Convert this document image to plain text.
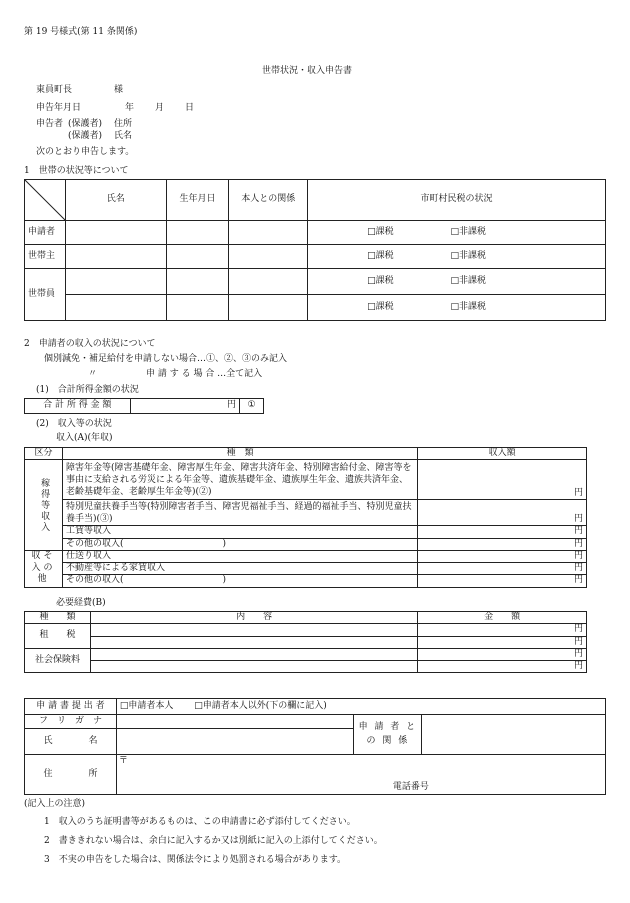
第 19 号様式(第 11 条関係)
世帯状況・収入申告書
東員町長	様
申告年月日	年 月 日
申告者 (保護者) 住所
(保護者) 氏名
次のとおり申告します。
1　世帯の状況等について
	氏名	生年月日	本人との関係	市町村民税の状況
申請者				□課税 □非課税
世帯主				□課税 □非課税
世帯員				□課税 □非課税
				□課税 □非課税
2　申請者の収入の状況について
個別減免・補足給付を申請しない場合…①、②、③のみ記入
〃	申 請 す る 場 合 …全て記入
(1)　合計所得金額の状況
合 計 所 得 金 額	円	①
(2)　収入等の状況
収入(A)(年収)
区分	種　類	収入額

稼得等収入	障害年金等(障害基礎年金、障害厚生年金、障害共済年金、特別障害給付金、障害等を事由に支給される労災による年金等、遺族基礎年金、遺族厚生年金、遺族共済年金、老齢基礎年金、老齢厚生年金等)(②)	円
	特別児童扶養手当等(特別障害者手当、障害児福祉手当、経過的福祉手当、特別児童扶養手当)(③)	円
	工賃等収入	円
	その他の収入(　　　　　　　　　　　)	円

収そ入の他	仕送り収入	円
	不動産等による家賃収入	円
	その他の収入(　　　　　　　　　　　)	円
必要経費(B)
種　　類	内　　容	金　　額
租　　税		円
		円
社会保険料		円
		円
申 請 書 提 出 者	□申請者本人 □申請者本人以外(下の欄に記入)		
フ　リ　ガ　ナ		申 請 者 と の 関 係	
氏　　　　名			
住　　　　所	〒
電話番号		
(記入上の注意)
1　収入のうち証明書等があるものは、この申請書に必ず添付してください。
2　書ききれない場合は、余白に記入するか又は別紙に記入の上添付してください。
3　不実の申告をした場合は、関係法令により処罰される場合があります。
